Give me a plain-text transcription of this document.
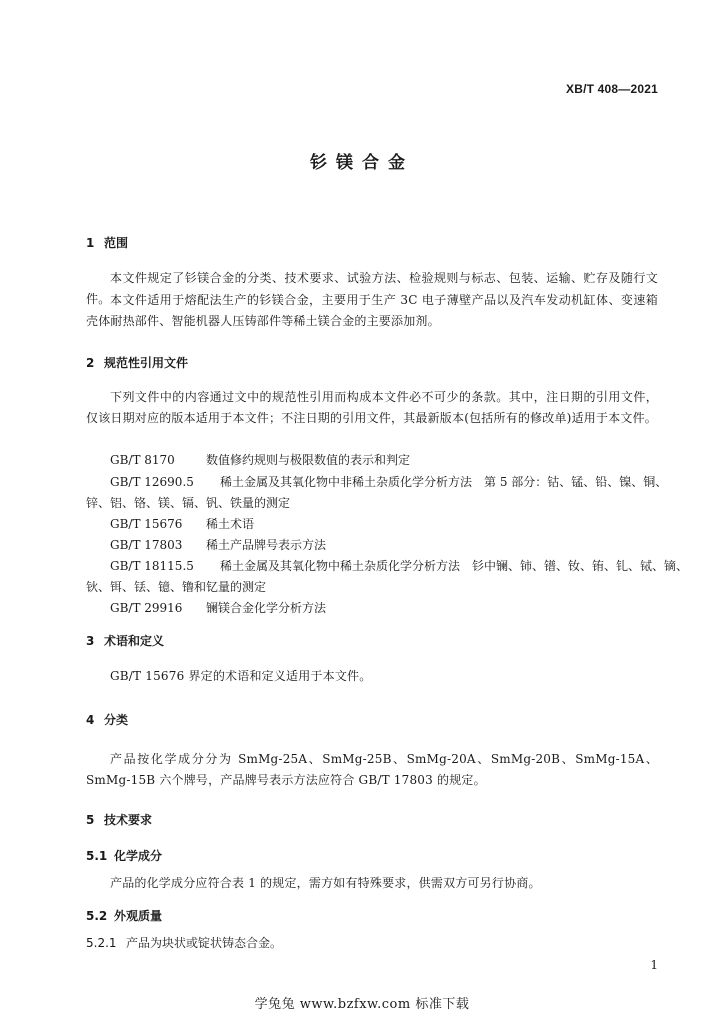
XB/T 408—2021
钐镁合金
1 范围
本文件规定了钐镁合金的分类、技术要求、试验方法、检验规则与标志、包装、运输、贮存及随行文件。 本文件适用于熔配法生产的钐镁合金，主要用于生产 3C 电子薄壁产品以及汽车发动机缸体、变速箱壳体耐热部件、智能机器人压铸部件等稀土镁合金的主要添加剂。
2 规范性引用文件
下列文件中的内容通过文中的规范性引用而构成本文件必不可少的条款。其中，注日期的引用文件，仅该日期对应的版本适用于本文件；不注日期的引用文件，其最新版本(包括所有的修改单)适用于本文件。
GB/T 8170	数值修约规则与极限数值的表示和判定
GB/T 12690.5 稀土金属及其氧化物中非稀土杂质化学分析方法　第 5 部分：钴、锰、铅、镍、铜、
锌、铝、铬、镁、镉、钒、铁量的测定
GB/T 15676 稀土术语
GB/T 17803 稀土产品牌号表示方法
GB/T 18115.5 稀土金属及其氧化物中稀土杂质化学分析方法　钐中镧、铈、镨、钕、铕、钆、铽、镝、
钬、铒、铥、镱、镥和钇量的测定
GB/T 29916 镧镁合金化学分析方法
3 术语和定义
GB/T 15676 界定的术语和定义适用于本文件。
4 分类
产品按化学成分分为 SmMg-25A、SmMg-25B、SmMg-20A、SmMg-20B、SmMg-15A、SmMg-15B 六个牌号，产品牌号表示方法应符合 GB/T 17803 的规定。
5 技术要求
5.1 化学成分
产品的化学成分应符合表 1 的规定，需方如有特殊要求，供需双方可另行协商。
5.2 外观质量
5.2.1 产品为块状或锭状铸态合金。
1
学兔兔 www.bzfxw.com 标准下载
